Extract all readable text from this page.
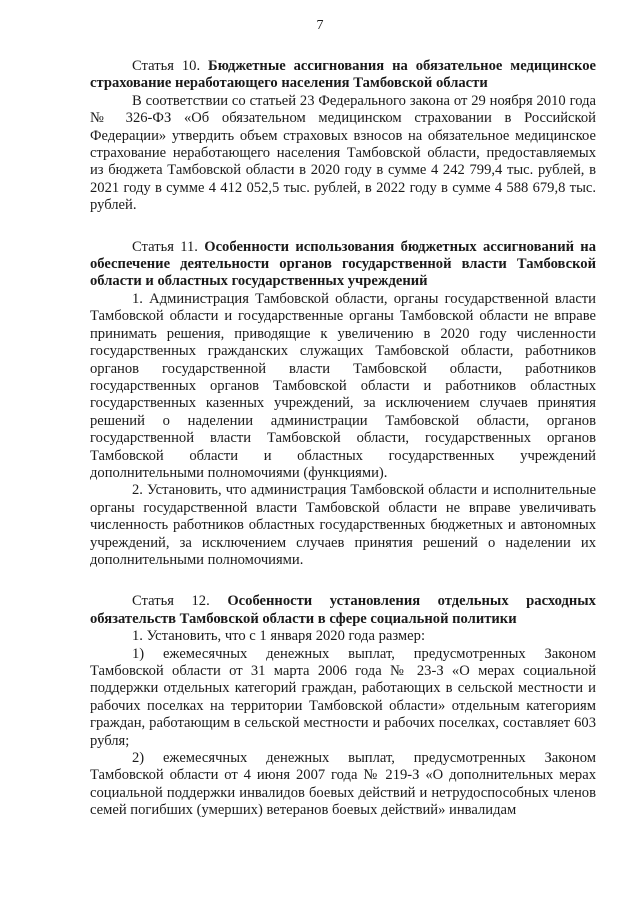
7

Статья 10. Бюджетные ассигнования на обязательное медицинское страхование неработающего населения Тамбовской области

В соответствии со статьей 23 Федерального закона от 29 ноября 2010 года № 326-ФЗ «Об обязательном медицинском страховании в Российской Федерации» утвердить объем страховых взносов на обязательное медицинское страхование неработающего населения Тамбовской области, предоставляемых из бюджета Тамбовской области в 2020 году в сумме 4 242 799,4 тыс. рублей, в 2021 году в сумме 4 412 052,5 тыс. рублей, в 2022 году в сумме 4 588 679,8 тыс. рублей.

Статья 11. Особенности использования бюджетных ассигнований на обеспечение деятельности органов государственной власти Тамбовской области и областных государственных учреждений

1. Администрация Тамбовской области, органы государственной власти Тамбовской области и государственные органы Тамбовской области не вправе принимать решения, приводящие к увеличению в 2020 году численности государственных гражданских служащих Тамбовской области, работников органов государственной власти Тамбовской области, работников государственных органов Тамбовской области и работников областных государственных казенных учреждений, за исключением случаев принятия решений о наделении администрации Тамбовской области, органов государственной власти Тамбовской области, государственных органов Тамбовской области и областных государственных учреждений дополнительными полномочиями (функциями).

2. Установить, что администрация Тамбовской области и исполнительные органы государственной власти Тамбовской области не вправе увеличивать численность работников областных государственных бюджетных и автономных учреждений, за исключением случаев принятия решений о наделении их дополнительными полномочиями.

Статья 12. Особенности установления отдельных расходных обязательств Тамбовской области в сфере социальной политики

1. Установить, что с 1 января 2020 года размер:

1) ежемесячных денежных выплат, предусмотренных Законом Тамбовской области от 31 марта 2006 года № 23-З «О мерах социальной поддержки отдельных категорий граждан, работающих в сельской местности и рабочих поселках на территории Тамбовской области» отдельным категориям граждан, работающим в сельской местности и рабочих поселках, составляет 603 рубля;

2) ежемесячных денежных выплат, предусмотренных Законом Тамбовской области от 4 июня 2007 года № 219-З «О дополнительных мерах социальной поддержки инвалидов боевых действий и нетрудоспособных членов семей погибших (умерших) ветеранов боевых действий» инвалидам
